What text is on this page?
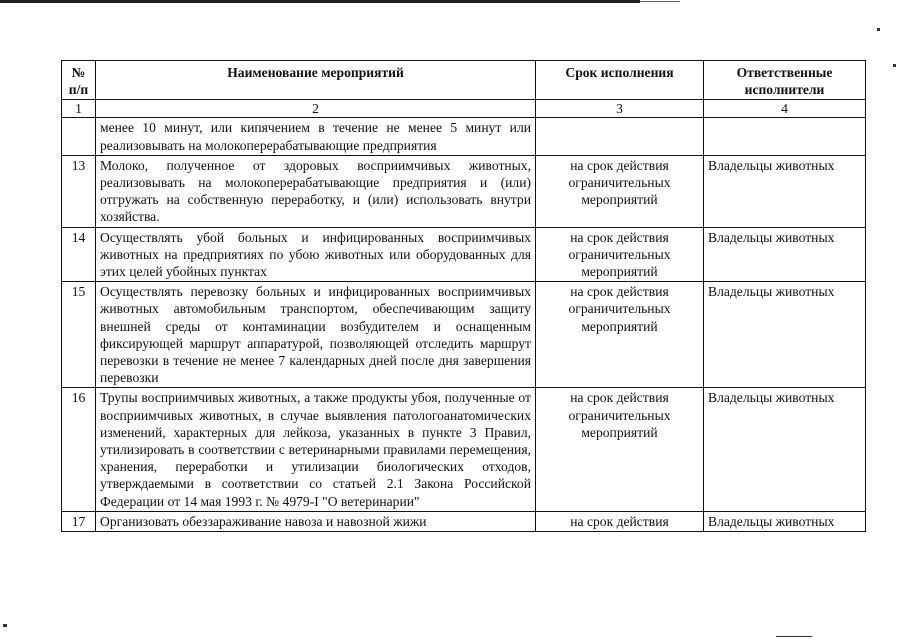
№ п/п	Наименование мероприятий	Срок исполнения	Ответственные исполнители
1	2	3	4
	менее 10 минут, или кипячением в течение не менее 5 минут или реализовывать на молокоперерабатывающие предприятия		
13	Молоко, полученное от здоровых восприимчивых животных, реализовывать на молокоперерабатывающие предприятия и (или) отгружать на собственную переработку, и (или) использовать внутри хозяйства.	на срок действия ограничительных мероприятий	Владельцы животных
14	Осуществлять убой больных и инфицированных восприимчивых животных на предприятиях по убою животных или оборудованных для этих целей убойных пунктах	на срок действия ограничительных мероприятий	Владельцы животных
15	Осуществлять перевозку больных и инфицированных восприимчивых животных автомобильным транспортом, обеспечивающим защиту внешней среды от контаминации возбудителем и оснащенным фиксирующей маршрут аппаратурой, позволяющей отследить маршрут перевозки в течение не менее 7 календарных дней после дня завершения перевозки	на срок действия ограничительных мероприятий	Владельцы животных
16	Трупы восприимчивых животных, а также продукты убоя, полученные от восприимчивых животных, в случае выявления патологоанатомических изменений, характерных для лейкоза, указанных в пункте 3 Правил, утилизировать в соответствии с ветеринарными правилами перемещения, хранения, переработки и утилизации биологических отходов, утверждаемыми в соответствии со статьей 2.1 Закона Российской Федерации от 14 мая 1993 г. № 4979-I "О ветеринарии"	на срок действия ограничительных мероприятий	Владельцы животных
17	Организовать обеззараживание навоза и навозной жижи	на срок действия	Владельцы животных
